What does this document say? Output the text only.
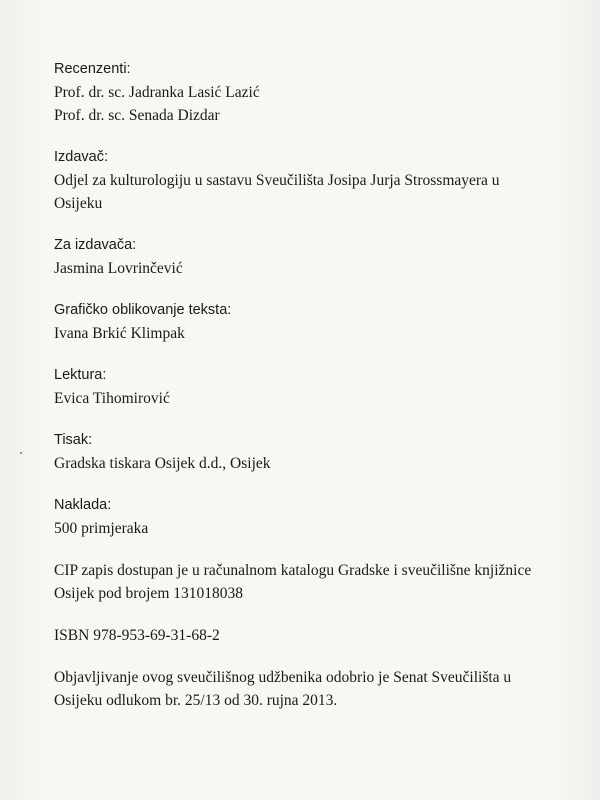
Recenzenti:
Prof. dr. sc. Jadranka Lasić Lazić
Prof. dr. sc. Senada Dizdar
Izdavač:
Odjel za kulturologiju u sastavu Sveučilišta Josipa Jurja Strossmayera u
Osijeku
Za izdavača:
Jasmina Lovrinčević
Grafičko oblikovanje teksta:
Ivana Brkić Klimpak
Lektura:
Evica Tihomirović
Tisak:
Gradska tiskara Osijek d.d., Osijek
Naklada:
500 primjeraka
CIP zapis dostupan je u računalnom katalogu Gradske i sveučilišne knjižnice
Osijek pod brojem 131018038
ISBN 978-953-69-31-68-2
Objavljivanje ovog sveučilišnog udžbenika odobrio je Senat Sveučilišta u
Osijeku odlukom br. 25/13 od 30. rujna 2013.
